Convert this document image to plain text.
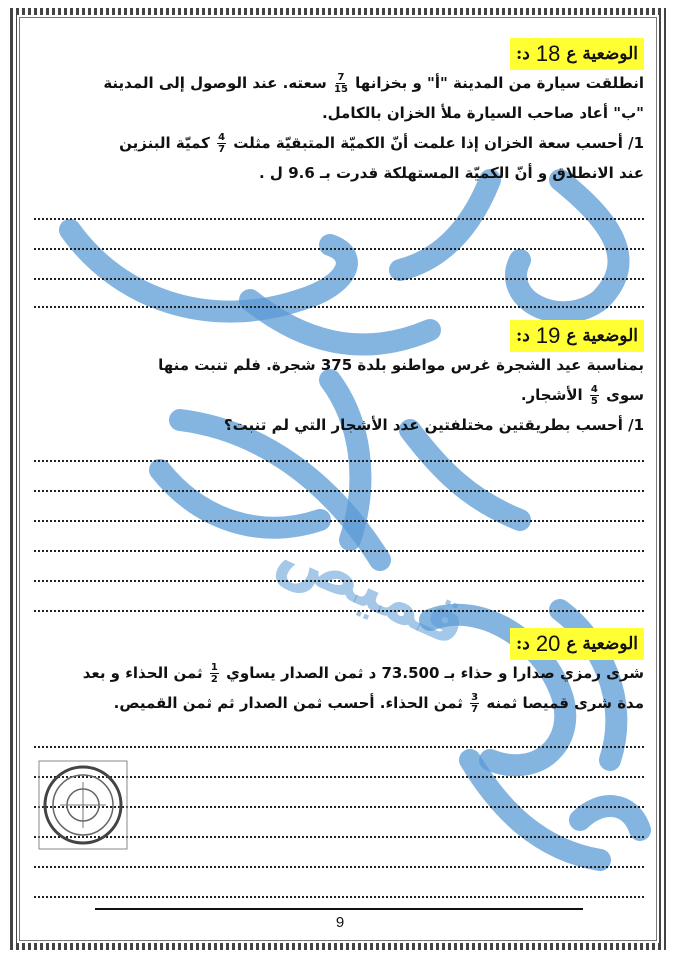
قميص
الوضعية ع
18
د:

انطلقت سيارة من المدينة "أ" و بخزانها
$\frac{7}{15}$
سعته. عند الوصول إلى المدينة

"ب" أعاد صاحب السيارة ملأ الخزان بالكامل.

1/ أحسب سعة الخزان إذا علمت أنّ الكميّة المتبقيّة مثلت
$\frac{4}{7}$
كميّة البنزين

عند الانطلاق و أنّ الكميّة المستهلكة قدرت بـ 9.6 ل .

الوضعية ع
19
د:

بمناسبة عيد الشجرة غرس مواطنو بلدة 375 شجرة. فلم تنبت منها

سوى
$\frac{4}{5}$
الأشجار.

1/ أحسب بطريقتين مختلفتين عدد الأشجار التي لم تنبت؟

الوضعية ع
20
د:

شرى رمزي صدارا و حذاء بـ 73.500 د ثمن الصدار يساوي
$\frac{1}{2}$
ثمن الحذاء و بعد

مدة شرى قميصا ثمنه
$\frac{3}{7}$
ثمن الحذاء. أحسب ثمن الصدار ثم ثمن القميص.

9
